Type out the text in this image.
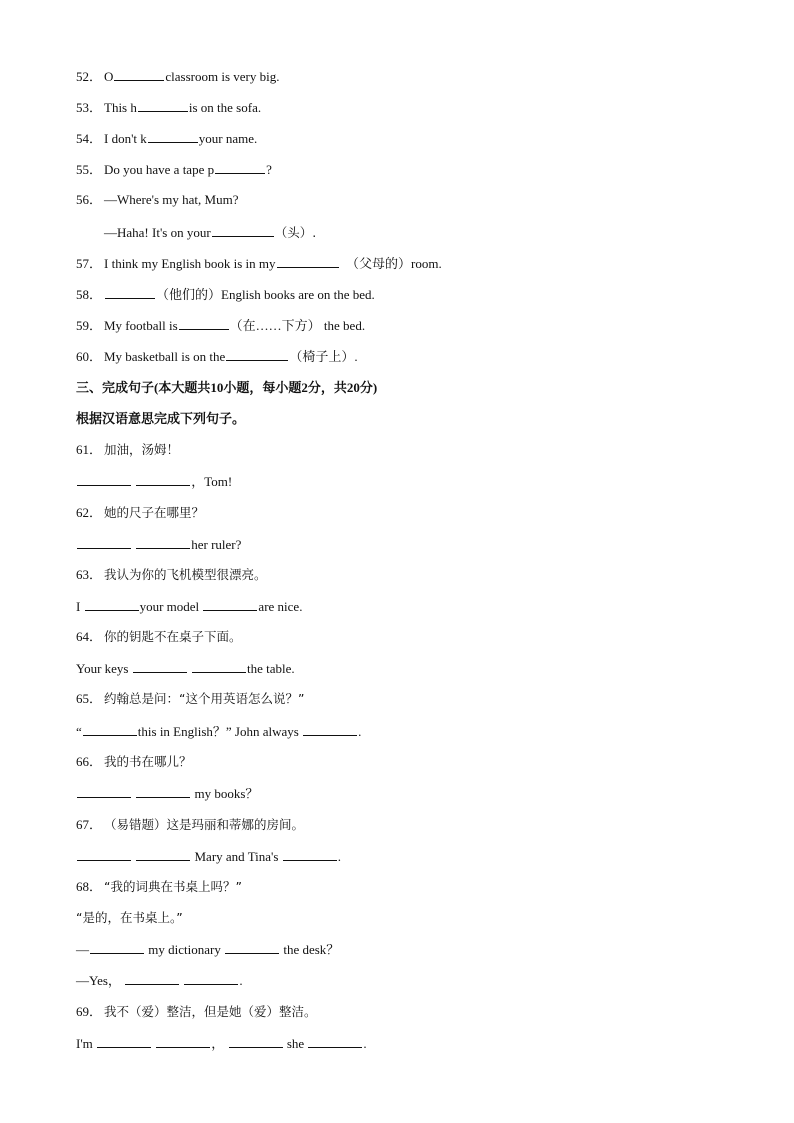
52． O	classroom is very big.
53． This h	is on the sofa.
54． I don't k	your name.
55． Do you have a tape p	?
56． —Where's my hat, Mum?
—Haha! It's on your	（头）.
57． I think my English book is in my	（父母的）room.
58．	（他们的）English books are on the bed.
59． My football is	（在……下方） the bed.
60． My basketball is on the	（椅子上）.
三、完成句子(本大题共10小题，每小题2分，共20分)
根据汉语意思完成下列句子。
61． 加油，汤姆！
，Tom!
62． 她的尺子在哪里？
her ruler?
63． 我认为你的飞机模型很漂亮。
I	your model	are nice.
64． 你的钥匙不在桌子下面。
Your keys	the table.
65． 约翰总是问：“这个用英语怎么说？”
“	this in English？” John always	.
66． 我的书在哪儿？
my books？
67． （易错题）这是玛丽和蒂娜的房间。
Mary and Tina's	.
68． “我的词典在书桌上吗？”
“是的，在书桌上。”
—	my dictionary	the desk？
—Yes，	.
69． 我不（爱）整洁，但是她（爱）整洁。
I'm	，	she	.
